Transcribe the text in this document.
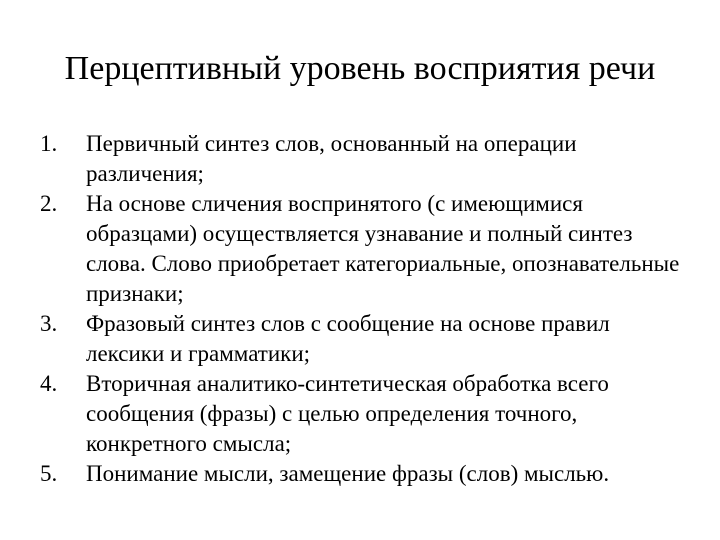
Перцептивный уровень восприятия речи
1. Первичный синтез слов, основанный на операции различения;
2. На основе сличения воспринятого (с имеющимися образцами) осуществляется узнавание и полный синтез слова. Слово приобретает категориальные, опознавательные признаки;
3. Фразовый синтез слов с сообщение на основе правил лексики и грамматики;
4. Вторичная аналитико-синтетическая обработка всего сообщения (фразы) с целью определения точного, конкретного смысла;
5. Понимание мысли, замещение фразы (слов) мыслью.
